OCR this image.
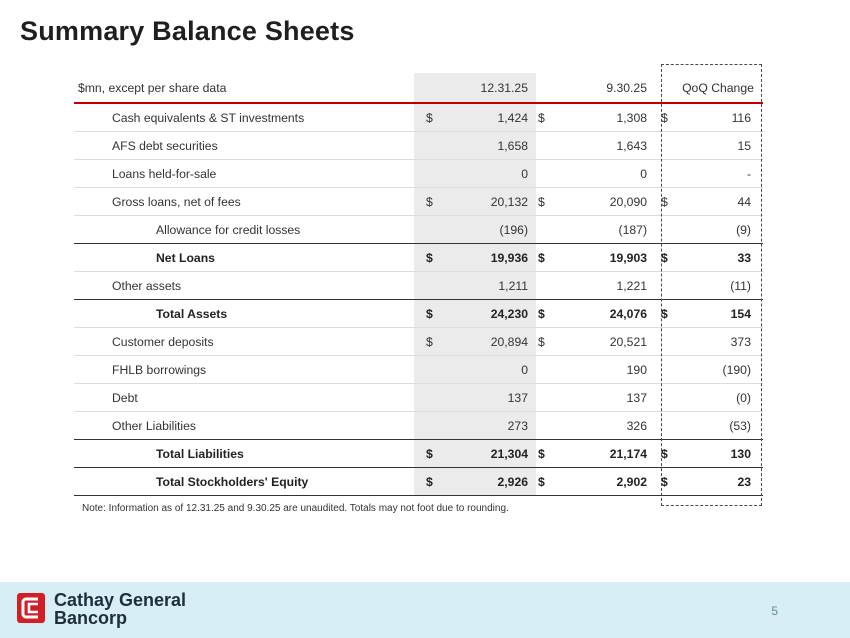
Summary Balance Sheets
$mn, except per share data		12.31.25		9.30.25		QoQ Change
Cash equivalents & ST investments	$	1,424	$	1,308	$	116
AFS debt securities		1,658		1,643		15
Loans held-for-sale		0		0		-
Gross loans, net of fees	$	20,132	$	20,090	$	44
Allowance for credit losses		(196)		(187)		(9)
Net Loans	$	19,936	$	19,903	$	33
Other assets		1,211		1,221		(11)
Total Assets	$	24,230	$	24,076	$	154
Customer deposits	$	20,894	$	20,521		373
FHLB borrowings		0		190		(190)
Debt		137		137		(0)
Other Liabilities		273		326		(53)
Total Liabilities	$	21,304	$	21,174	$	130
Total Stockholders' Equity	$	2,926	$	2,902	$	23
Note: Information as of 12.31.25 and 9.30.25 are unaudited. Totals may not foot due to rounding.
Cathay General
Bancorp	5
